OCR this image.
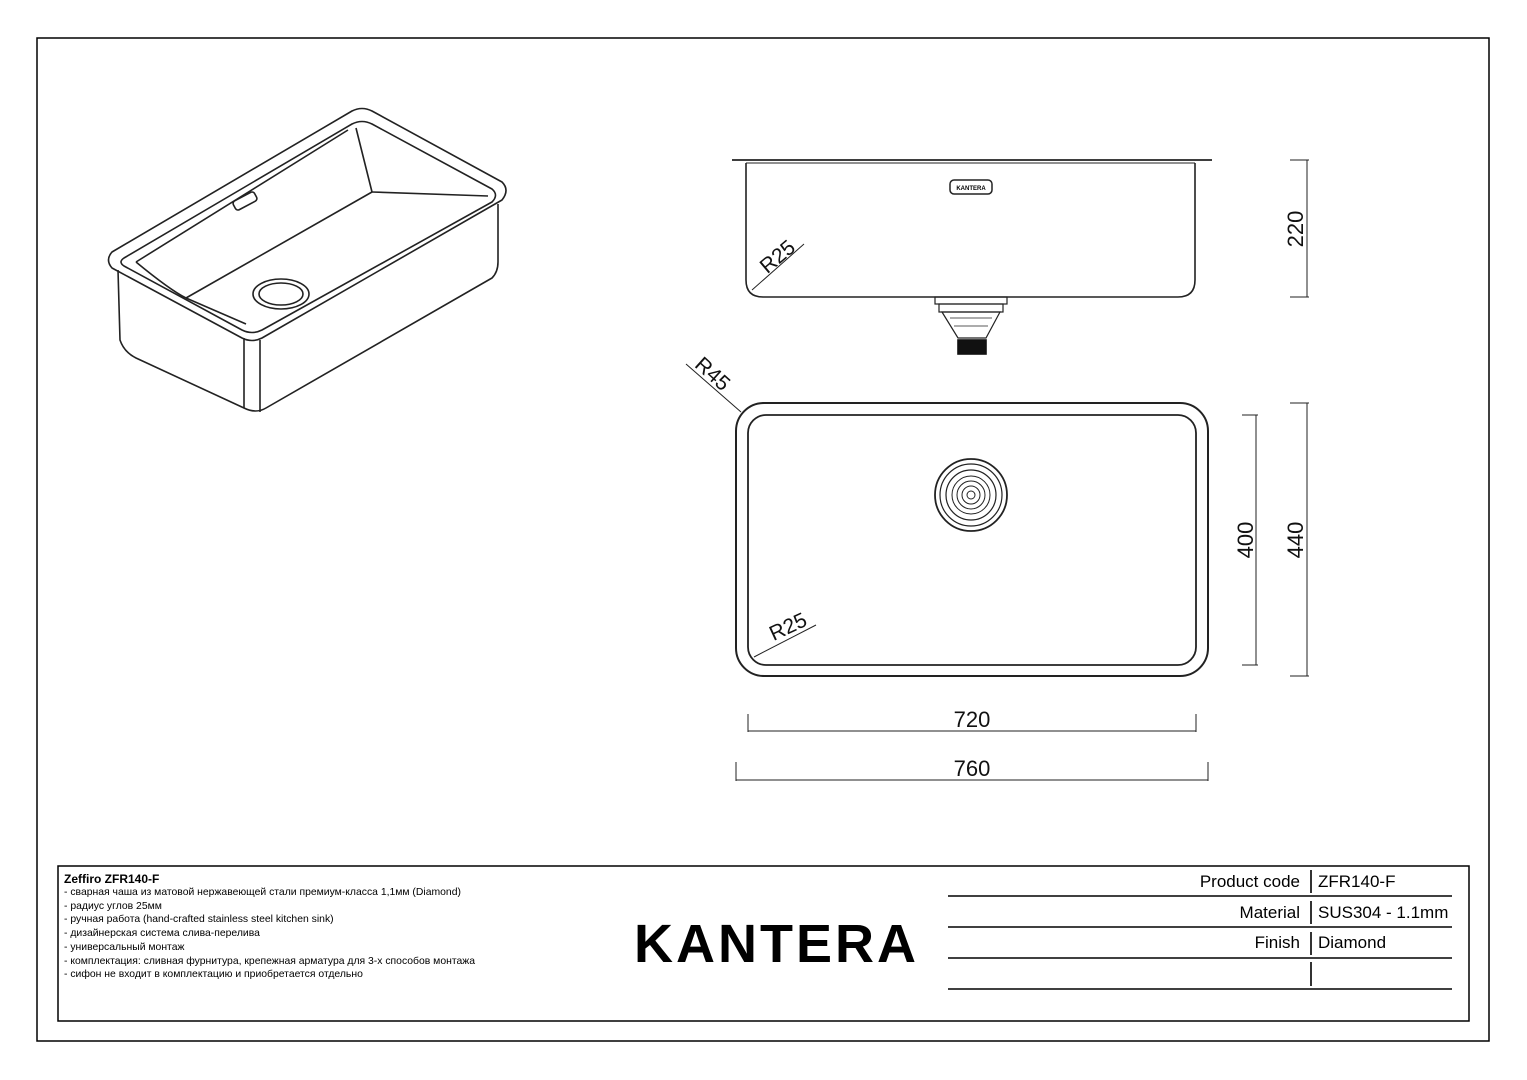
KANTERA
R25
220
R45
R25
400 440
720
760
Zeffiro ZFR140-F
- сварная чаша из матовой нержавеющей стали премиум-класса 1,1мм (Diamond)
- радиус углов 25мм
- ручная работа (hand-crafted stainless steel kitchen sink)
- дизайнерская система слива-перелива
- универсальный монтаж
- комплектация: сливная фурнитура, крепежная арматура для 3-х способов монтажа
- сифон не входит в комплектацию и приобретается отдельно
KANTERA
Product code ZFR140-F
Material SUS304 - 1.1mm
Finish Diamond
